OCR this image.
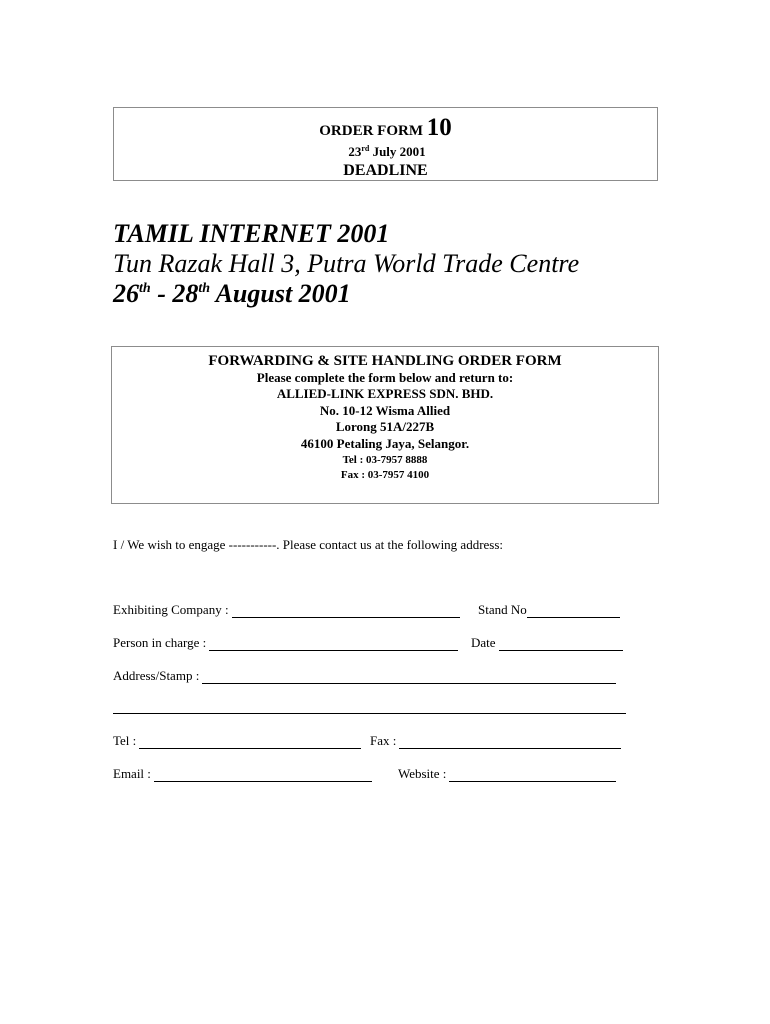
ORDER FORM 10
23rd July 2001
DEADLINE
TAMIL INTERNET 2001
Tun Razak Hall 3, Putra World Trade Centre
26th - 28th August 2001
FORWARDING & SITE HANDLING ORDER FORM
Please complete the form below and return to:
ALLIED-LINK EXPRESS SDN. BHD.
No. 10-12 Wisma Allied
Lorong 51A/227B
46100 Petaling Jaya, Selangor.
Tel : 03-7957 8888
Fax : 03-7957 4100
I / We wish to engage -----------. Please contact us at the following address:
Exhibiting Company :	Stand No
Person in charge :	Date
Address/Stamp :
Tel :	Fax :
Email :	Website :
